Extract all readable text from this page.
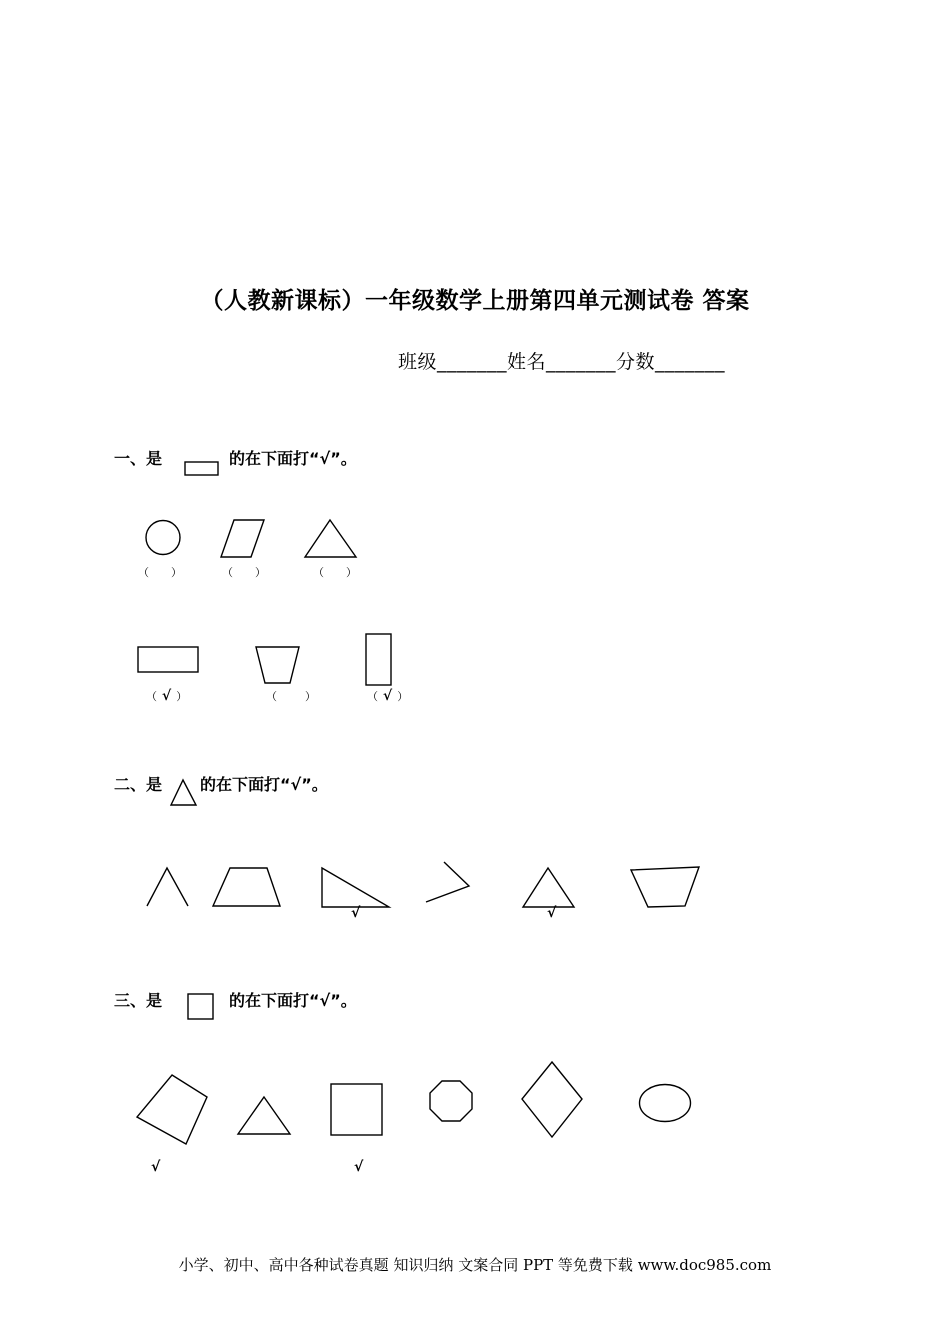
（人教新课标）一年级数学上册第四单元测试卷 答案
班级_______姓名_______分数_______
一、是	的在下面打“√”。
（　　）	（　　）	（　　）
（ √ ）	（	）	（ √ ）
二、是 的在下面打“√”。
√	√
三、是	的在下面打“√”。
√	√
小学、初中、高中各种试卷真题 知识归纳 文案合同 PPT 等免费下载 www.doc985.com
